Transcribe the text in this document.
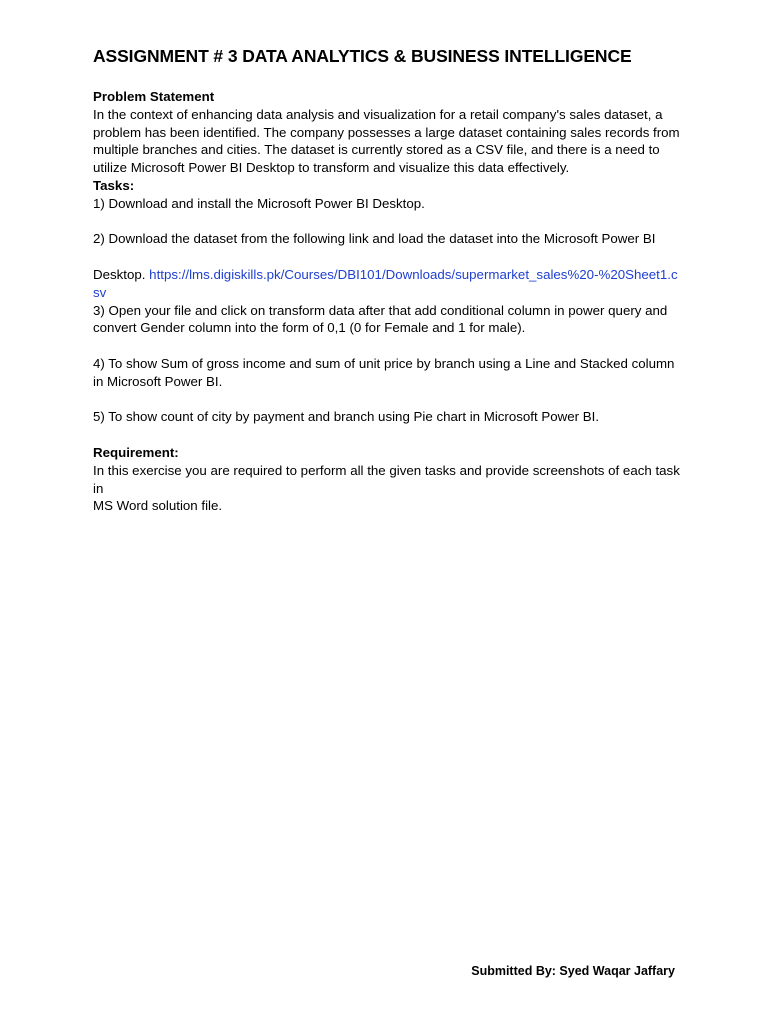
ASSIGNMENT # 3 DATA ANALYTICS & BUSINESS INTELLIGENCE

Problem Statement

In the context of enhancing data analysis and visualization for a retail company's sales dataset, a problem has been identified. The company possesses a large dataset containing sales records from multiple branches and cities. The dataset is currently stored as a CSV file, and there is a need to utilize Microsoft Power BI Desktop to transform and visualize this data effectively.

Tasks:

1) Download and install the Microsoft Power BI Desktop.

2) Download the dataset from the following link and load the dataset into the Microsoft Power BI

Desktop. https://lms.digiskills.pk/Courses/DBI101/Downloads/supermarket_sales%20-%20Sheet1.csv

3) Open your file and click on transform data after that add conditional column in power query and convert Gender column into the form of 0,1 (0 for Female and 1 for male).

4) To show Sum of gross income and sum of unit price by branch using a Line and Stacked column in Microsoft Power BI.

5) To show count of city by payment and branch using Pie chart in Microsoft Power BI.

Requirement:

In this exercise you are required to perform all the given tasks and provide screenshots of each task in

MS Word solution file.

Submitted By: Syed Waqar Jaffary
